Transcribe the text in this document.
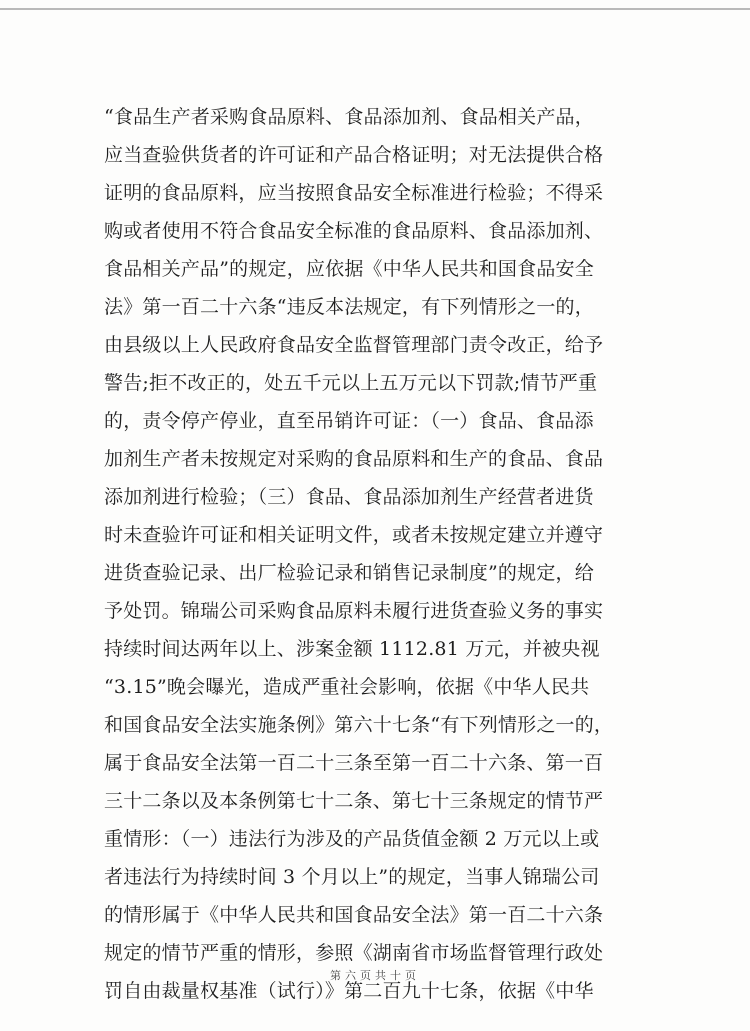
“食品生产者采购食品原料、食品添加剂、食品相关产品，
应当查验供货者的许可证和产品合格证明；对无法提供合格
证明的食品原料，应当按照食品安全标准进行检验；不得采
购或者使用不符合食品安全标准的食品原料、食品添加剂、
食品相关产品”的规定，应依据《中华人民共和国食品安全
法》第一百二十六条“违反本法规定，有下列情形之一的，
由县级以上人民政府食品安全监督管理部门责令改正，给予
警告;拒不改正的，处五千元以上五万元以下罚款;情节严重
的，责令停产停业，直至吊销许可证：（一）食品、食品添
加剂生产者未按规定对采购的食品原料和生产的食品、食品
添加剂进行检验；（三）食品、食品添加剂生产经营者进货
时未查验许可证和相关证明文件，或者未按规定建立并遵守
进货查验记录、出厂检验记录和销售记录制度”的规定，给
予处罚。锦瑞公司采购食品原料未履行进货查验义务的事实
持续时间达两年以上、涉案金额 1112.81 万元，并被央视
“3.15”晚会曝光，造成严重社会影响，依据《中华人民共
和国食品安全法实施条例》第六十七条“有下列情形之一的，
属于食品安全法第一百二十三条至第一百二十六条、第一百
三十二条以及本条例第七十二条、第七十三条规定的情节严
重情形：（一）违法行为涉及的产品货值金额 2 万元以上或
者违法行为持续时间 3 个月以上”的规定，当事人锦瑞公司
的情形属于《中华人民共和国食品安全法》第一百二十六条
规定的情节严重的情形，参照《湖南省市场监督管理行政处
罚自由裁量权基准（试行）》第二百九十七条，依据《中华
第六页共十页
